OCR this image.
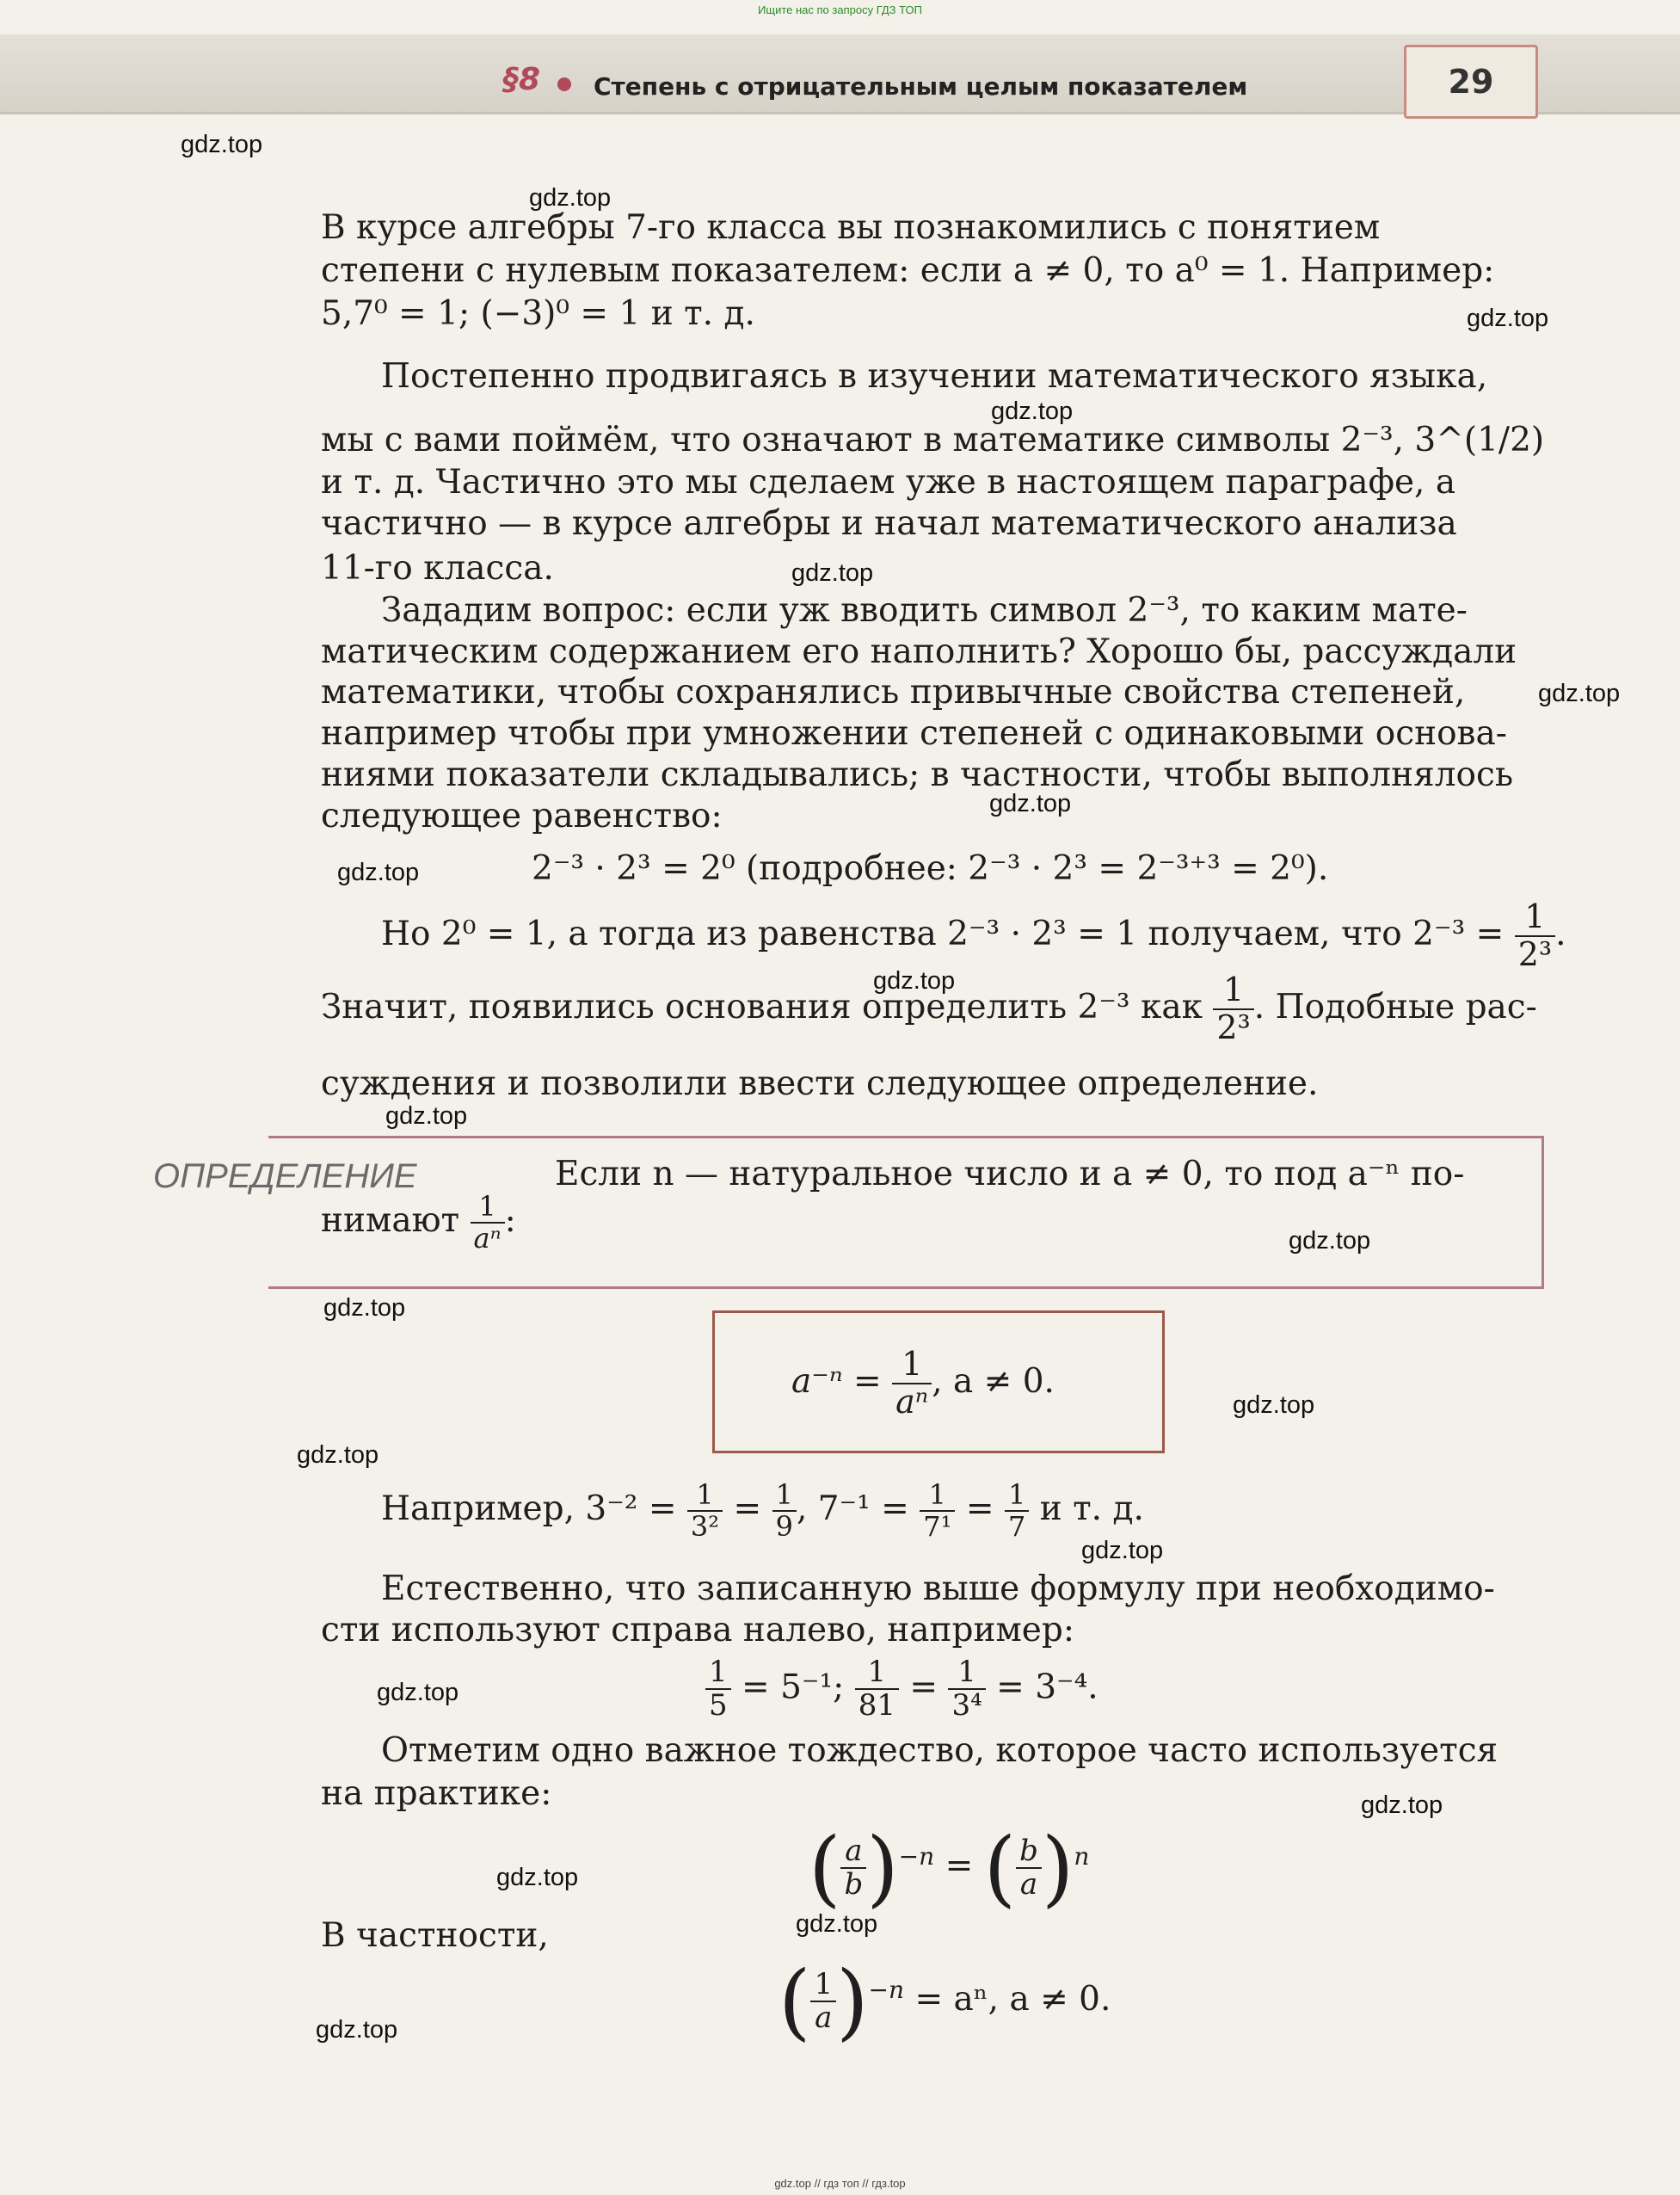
Ищите нас по запросу ГДЗ ТОП
§8 Степень с отрицательным целым показателем	29
В курсе алгебры 7-го класса вы познакомились с понятием
степени с нулевым показателем: если a ≠ 0, то a⁰ = 1. Например:
5,7⁰ = 1; (−3)⁰ = 1 и т. д.
Постепенно продвигаясь в изучении математического языка,
мы с вами поймём, что означают в математике символы 2⁻³, 3^(1/2)
и т. д. Частично это мы сделаем уже в настоящем параграфе, а
частично — в курсе алгебры и начал математического анализа
11-го класса.
Зададим вопрос: если уж вводить символ 2⁻³, то каким мате-
матическим содержанием его наполнить? Хорошо бы, рассуждали
математики, чтобы сохранялись привычные свойства степеней,
например чтобы при умножении степеней с одинаковыми основа-
ниями показатели складывались; в частности, чтобы выполнялось
следующее равенство:
2⁻³ · 2³ = 2⁰ (подробнее: 2⁻³ · 2³ = 2⁻³⁺³ = 2⁰).
Но 2⁰ = 1, а тогда из равенства 2⁻³ · 2³ = 1 получаем, что $2^{-3} = \frac{1}{\text{2³}}$ .
Значит, появились основания определить 2⁻³ как $\frac{1}{\text{2³}}$ . Подобные рас-
суждения и позволили ввести следующее определение.
ОПРЕДЕЛЕНИЕ	Если n — натуральное число и a ≠ 0, то под a⁻ⁿ по-
нимают $\frac{1}{\text{aⁿ}}$ :
$a^{-n} = \frac{1}{\text{aⁿ}}$ , a ≠ 0.
Например, $3^{-2} = \frac{1}{\text{3²}} = \frac{1}{9}$ , $7^{-1} = \frac{1}{\text{7¹}} = \frac{1}{7}$ и т. д.
Естественно, что записанную выше формулу при необходимо-
сти используют справа налево, например:
$\frac{1}{5} = 5^{-1}$; $\frac{1}{81} = \frac{1}{\text{3⁴}} = 3^{-4}$.
Отметим одно важное тождество, которое часто используется
на практике:
( $\frac{a}{b} )^{-n}$ = ( $\frac{b}{a} )^n$
В частности,
( $\frac{1}{a} )^{-n} = a^n$, a ≠ 0.
gdz.top
gdz.top
gdz.top
gdz.top
gdz.top
gdz.top
gdz.top
gdz.top
gdz.top
gdz.top
gdz.top
gdz.top
gdz.top
gdz.top
gdz.top
gdz.top
gdz.top
gdz.top
gdz.top
gdz.top
gdz.top // гдз топ // гдз.top
